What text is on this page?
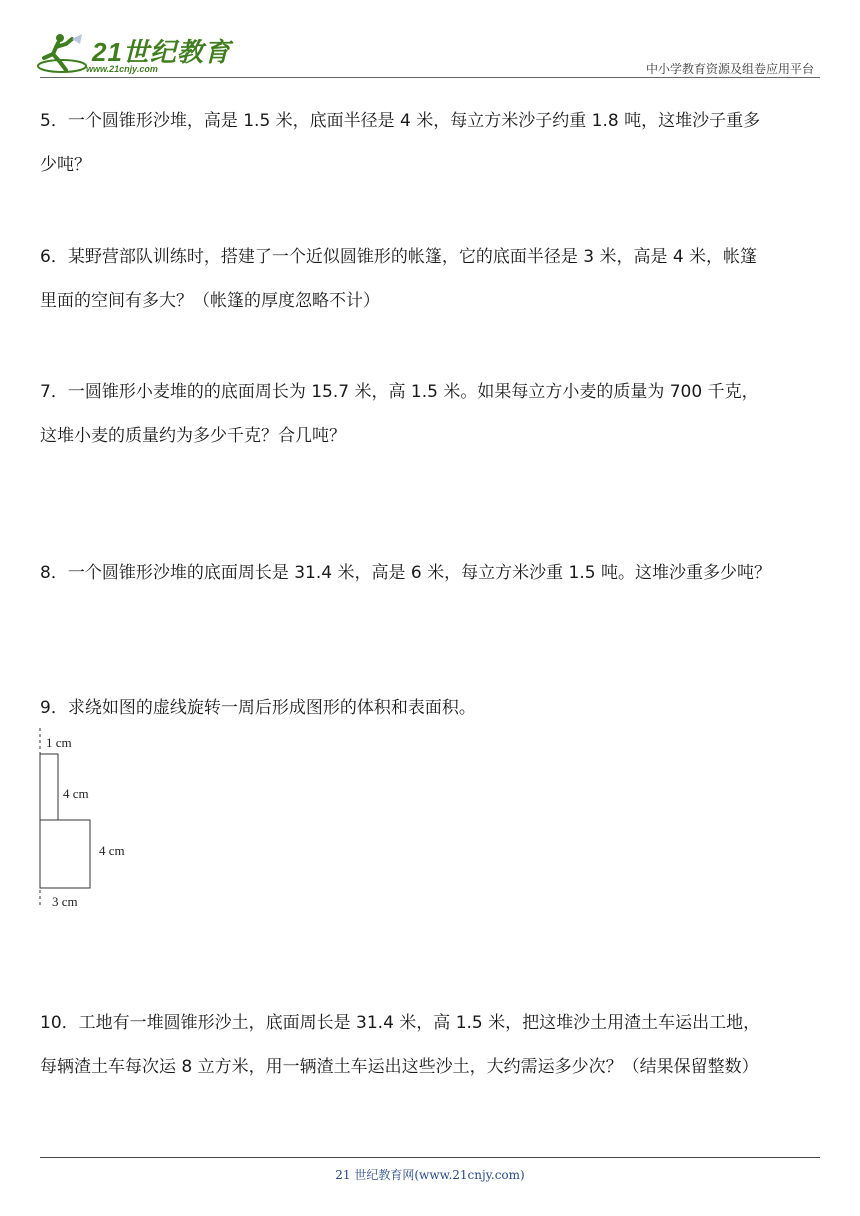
21世纪教育
www.21cnjy.com	中小学教育资源及组卷应用平台

5．一个圆锥形沙堆，高是 1.5 米，底面半径是 4 米，每立方米沙子约重 1.8 吨，这堆沙子重多

少吨？

6．某野营部队训练时，搭建了一个近似圆锥形的帐篷，它的底面半径是 3 米，高是 4 米，帐篷

里面的空间有多大？（帐篷的厚度忽略不计）

7．一圆锥形小麦堆的的底面周长为 15.7 米，高 1.5 米。如果每立方小麦的质量为 700 千克，

这堆小麦的质量约为多少千克？合几吨？

8．一个圆锥形沙堆的底面周长是 31.4 米，高是 6 米，每立方米沙重 1.5 吨。这堆沙重多少吨？

9．求绕如图的虚线旋转一周后形成图形的体积和表面积。

1 cm
4 cm
4 cm
3 cm

10．工地有一堆圆锥形沙土，底面周长是 31.4 米，高 1.5 米，把这堆沙土用渣土车运出工地，

每辆渣土车每次运 8 立方米，用一辆渣土车运出这些沙土，大约需运多少次？（结果保留整数）

21 世纪教育网(www.21cnjy.com)
